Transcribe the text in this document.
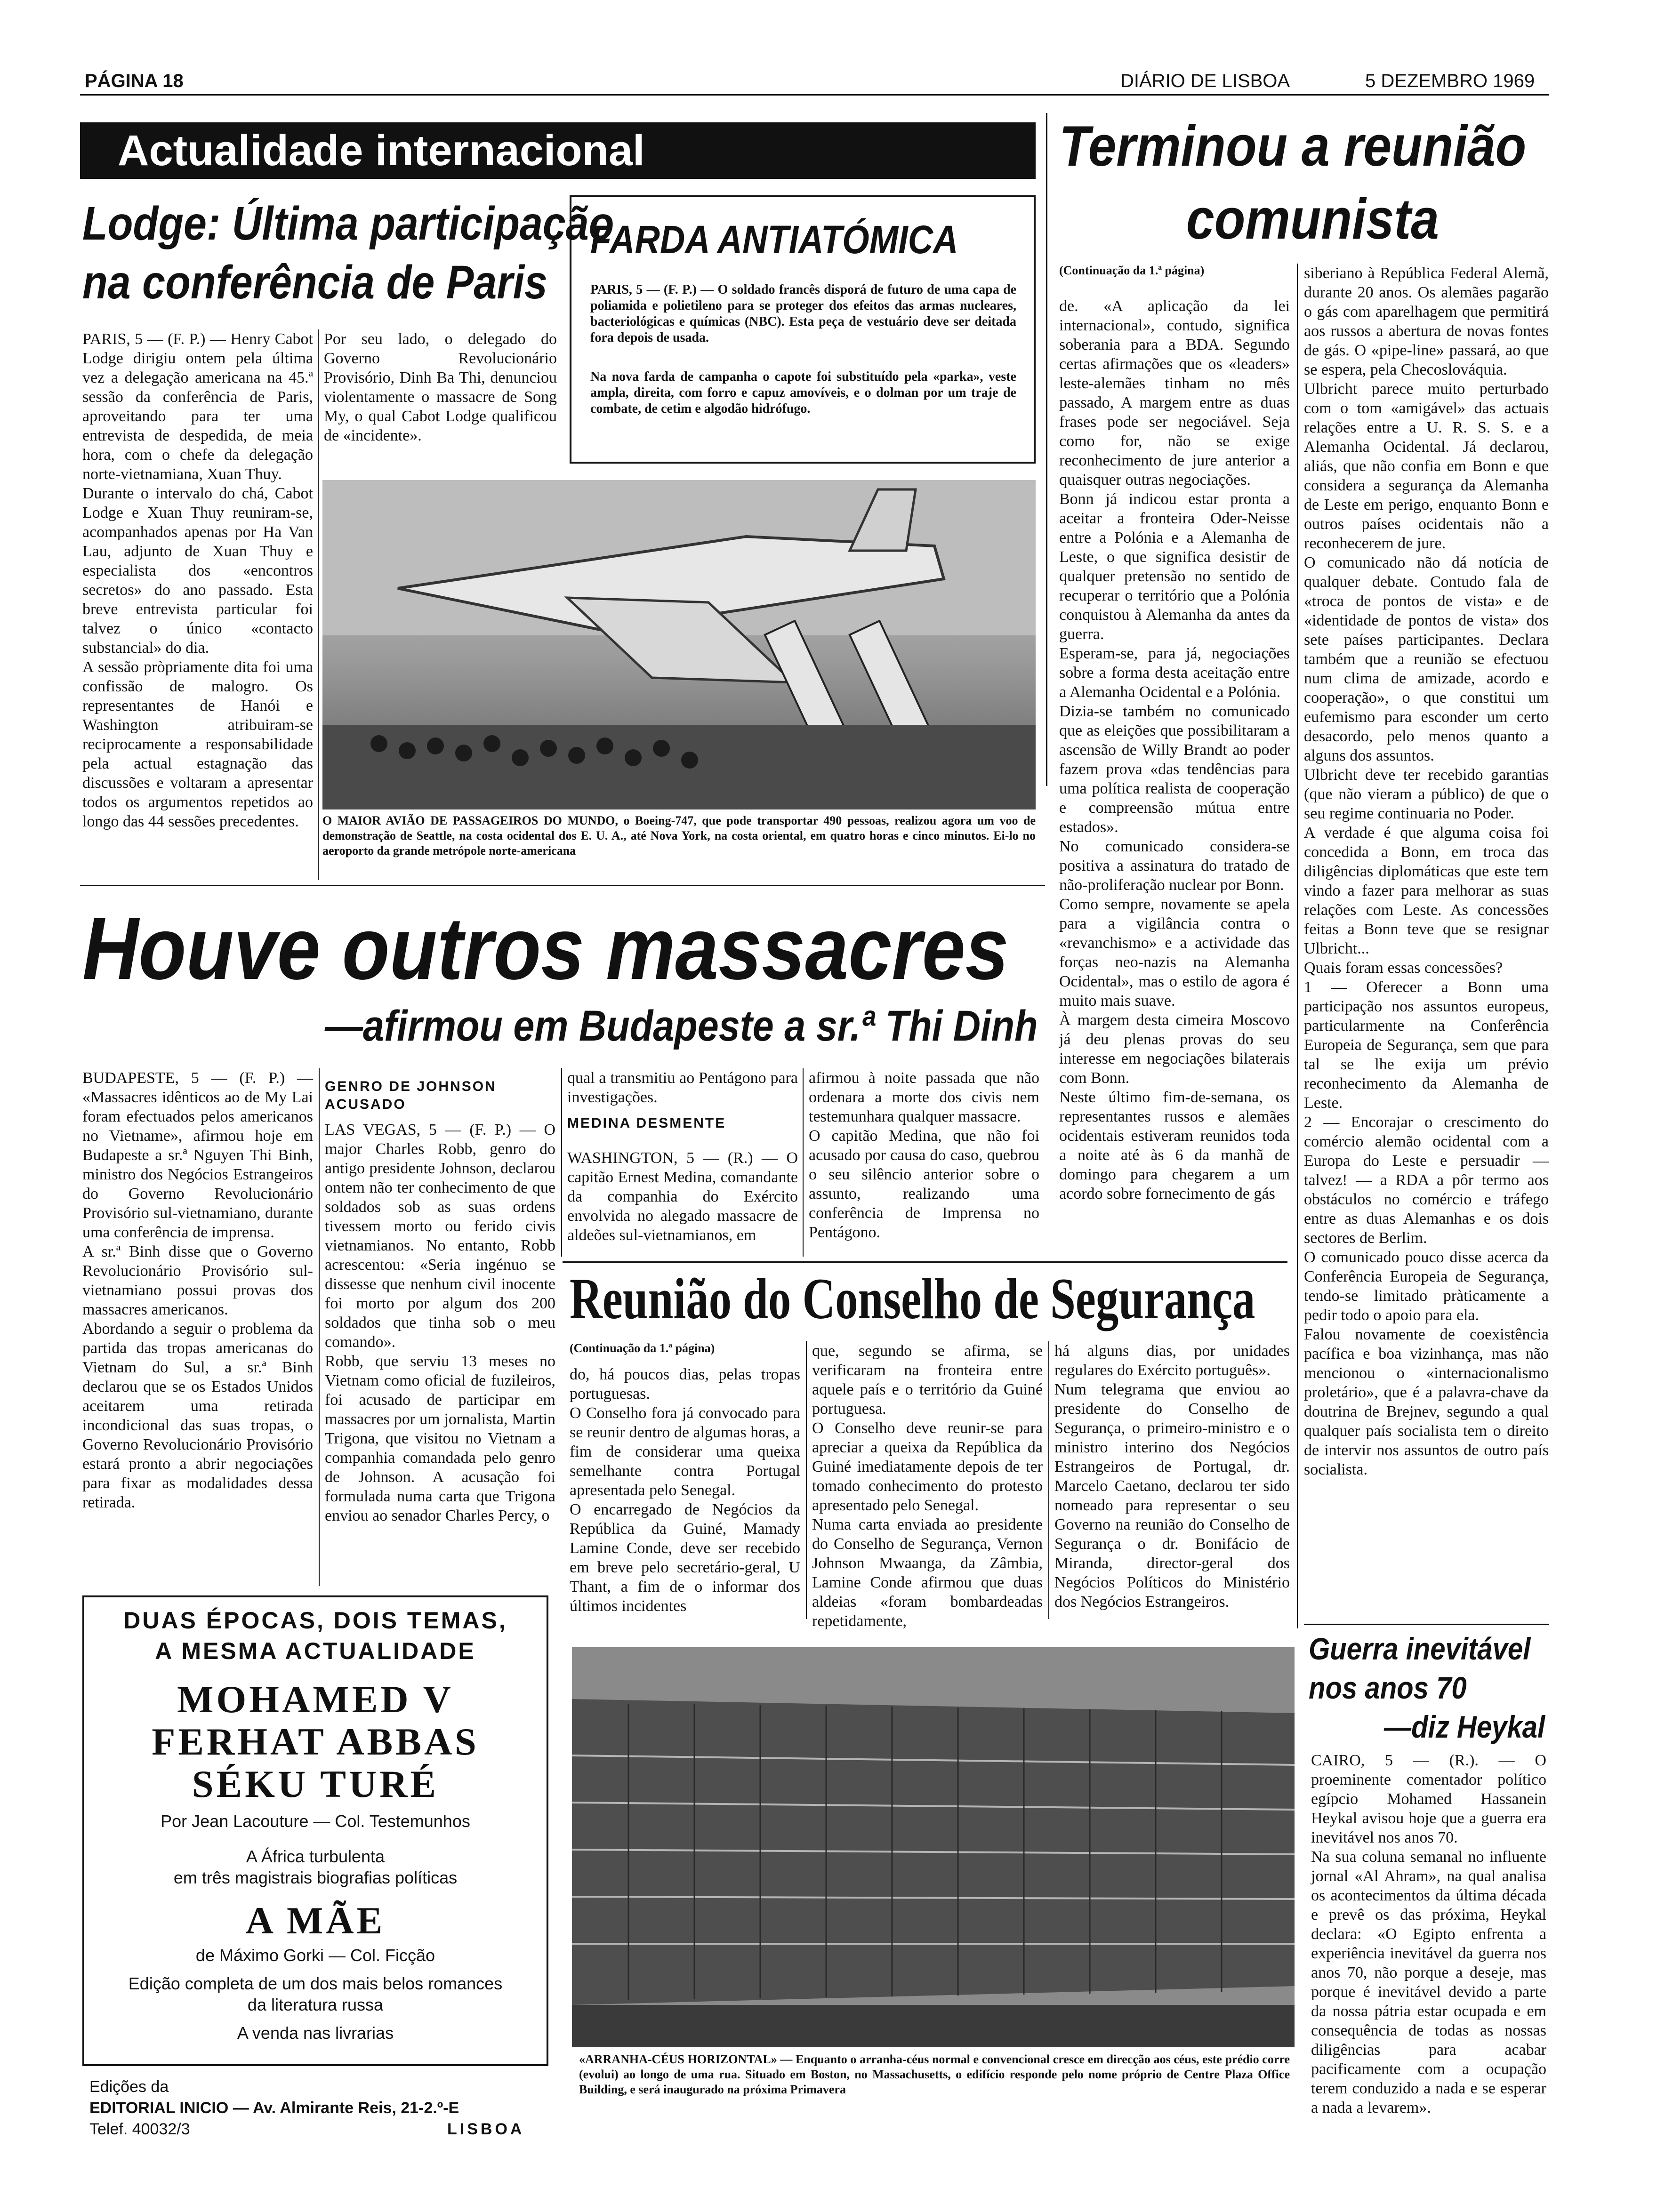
PÁGINA 18	DIÁRIO DE LISBOA	5 DEZEMBRO 1969
Actualidade internacional
Lodge: Última participação
na conferência de Paris
PARIS, 5 — (F. P.) — Henry Cabot Lodge dirigiu ontem pela última vez a delegação americana na 45.ª sessão da conferência de Paris, aproveitando para ter uma entrevista de despedida, de meia hora, com o chefe da delegação norte-vietnamiana, Xuan Thuy.
Durante o intervalo do chá, Cabot Lodge e Xuan Thuy reuniram-se, acompanhados apenas por Ha Van Lau, adjunto de Xuan Thuy e especialista dos «encontros secretos» do ano passado. Esta breve entrevista particular foi talvez o único «contacto substancial» do dia.
A sessão pròpriamente dita foi uma confissão de malogro. Os representantes de Hanói e Washington atribuiram-se reciprocamente a responsabilidade pela actual estagnação das discussões e voltaram a apresentar todos os argumentos repetidos ao longo das 44 sessões precedentes.
Por seu lado, o delegado do Governo Revolucionário Provisório, Dinh Ba Thi, denunciou violentamente o massacre de Song My, o qual Cabot Lodge qualificou de «incidente».
FARDA ANTIATÓMICA
PARIS, 5 — (F. P.) — O soldado francês disporá de futuro de uma capa de poliamida e polietileno para se proteger dos efeitos das armas nucleares, bacteriológicas e químicas (NBC). Esta peça de vestuário deve ser deitada fora depois de usada.
Na nova farda de campanha o capote foi substituído pela «parka», veste ampla, direita, com forro e capuz amovíveis, e o dolman por um traje de combate, de cetim e algodão hidrófugo.
O MAIOR AVIÃO DE PASSAGEIROS DO MUNDO, o Boeing-747, que pode transportar 490 pessoas, realizou agora um voo de demonstração de Seattle, na costa ocidental dos E. U. A., até Nova York, na costa oriental, em quatro horas e cinco minutos. Ei-lo no aeroporto da grande metrópole norte-americana
Terminou a reunião
comunista
(Continuação da 1.ª página)
de. «A aplicação da lei internacional», contudo, significa soberania para a BDA. Segundo certas afirmações que os «leaders» leste-alemães tinham no mês passado, A margem entre as duas frases pode ser negociável. Seja como for, não se exige reconhecimento de jure anterior a quaisquer outras negociações.
Bonn já indicou estar pronta a aceitar a fronteira Oder-Neisse entre a Polónia e a Alemanha de Leste, o que significa desistir de qualquer pretensão no sentido de recuperar o território que a Polónia conquistou à Alemanha da antes da guerra.
Esperam-se, para já, negociações sobre a forma desta aceitação entre a Alemanha Ocidental e a Polónia.
Dizia-se também no comunicado que as eleições que possibilitaram a ascensão de Willy Brandt ao poder fazem prova «das tendências para uma política realista de cooperação e compreensão mútua entre estados».
No comunicado considera-se positiva a assinatura do tratado de não-proliferação nuclear por Bonn.
Como sempre, novamente se apela para a vigilância contra o «revanchismo» e a actividade das forças neo-nazis na Alemanha Ocidental», mas o estilo de agora é muito mais suave.
À margem desta cimeira Moscovo já deu plenas provas do seu interesse em negociações bilaterais com Bonn.
Neste último fim-de-semana, os representantes russos e alemães ocidentais estiveram reunidos toda a noite até às 6 da manhã de domingo para chegarem a um acordo sobre fornecimento de gás
siberiano à República Federal Alemã, durante 20 anos. Os alemães pagarão o gás com aparelhagem que permitirá aos russos a abertura de novas fontes de gás. O «pipe-line» passará, ao que se espera, pela Checoslováquia.
Ulbricht parece muito perturbado com o tom «amigável» das actuais relações entre a U. R. S. S. e a Alemanha Ocidental. Já declarou, aliás, que não confia em Bonn e que considera a segurança da Alemanha de Leste em perigo, enquanto Bonn e outros países ocidentais não a reconhecerem de jure.
O comunicado não dá notícia de qualquer debate. Contudo fala de «troca de pontos de vista» e de «identidade de pontos de vista» dos sete países participantes. Declara também que a reunião se efectuou num clima de amizade, acordo e cooperação», o que constitui um eufemismo para esconder um certo desacordo, pelo menos quanto a alguns dos assuntos.
Ulbricht deve ter recebido garantias (que não vieram a público) de que o seu regime continuaria no Poder.
A verdade é que alguma coisa foi concedida a Bonn, em troca das diligências diplomáticas que este tem vindo a fazer para melhorar as suas relações com Leste. As concessões feitas a Bonn teve que se resignar Ulbricht...
Quais foram essas concessões?
1 — Oferecer a Bonn uma participação nos assuntos europeus, particularmente na Conferência Europeia de Segurança, sem que para tal se lhe exija um prévio reconhecimento da Alemanha de Leste.
2 — Encorajar o crescimento do comércio alemão ocidental com a Europa do Leste e persuadir — talvez! — a RDA a pôr termo aos obstáculos no comércio e tráfego entre as duas Alemanhas e os dois sectores de Berlim.
O comunicado pouco disse acerca da Conferência Europeia de Segurança, tendo-se limitado pràticamente a pedir todo o apoio para ela.
Falou novamente de coexistência pacífica e boa vizinhança, mas não mencionou o «internacionalismo proletário», que é a palavra-chave da doutrina de Brejnev, segundo a qual qualquer país socialista tem o direito de intervir nos assuntos de outro país socialista.
Houve outros massacres
—afirmou em Budapeste a sr.ª Thi Dinh
BUDAPESTE, 5 — (F. P.) — «Massacres idênticos ao de My Lai foram efectuados pelos americanos no Vietname», afirmou hoje em Budapeste a sr.ª Nguyen Thi Binh, ministro dos Negócios Estrangeiros do Governo Revolucionário Provisório sul-vietnamiano, durante uma conferência de imprensa.
A sr.ª Binh disse que o Governo Revolucionário Provisório sul-vietnamiano possui provas dos massacres americanos.
Abordando a seguir o problema da partida das tropas americanas do Vietnam do Sul, a sr.ª Binh declarou que se os Estados Unidos aceitarem uma retirada incondicional das suas tropas, o Governo Revolucionário Provisório estará pronto a abrir negociações para fixar as modalidades dessa retirada.
GENRO DE JOHNSON ACUSADO
LAS VEGAS, 5 — (F. P.) — O major Charles Robb, genro do antigo presidente Johnson, declarou ontem não ter conhecimento de que soldados sob as suas ordens tivessem morto ou ferido civis vietnamianos. No entanto, Robb acrescentou: «Seria ingénuo se dissesse que nenhum civil inocente foi morto por algum dos 200 soldados que tinha sob o meu comando».
Robb, que serviu 13 meses no Vietnam como oficial de fuzileiros, foi acusado de participar em massacres por um jornalista, Martin Trigona, que visitou no Vietnam a companhia comandada pelo genro de Johnson. A acusação foi formulada numa carta que Trigona enviou ao senador Charles Percy, o
qual a transmitiu ao Pentágono para investigações.
MEDINA DESMENTE
WASHINGTON, 5 — (R.) — O capitão Ernest Medina, comandante da companhia do Exército envolvida no alegado massacre de aldeões sul-vietnamianos, em
afirmou à noite passada que não ordenara a morte dos civis nem testemunhara qualquer massacre.
O capitão Medina, que não foi acusado por causa do caso, quebrou o seu silêncio anterior sobre o assunto, realizando uma conferência de Imprensa no Pentágono.
Reunião do Conselho de Segurança
(Continuação da 1.ª página)
do, há poucos dias, pelas tropas portuguesas.
O Conselho fora já convocado para se reunir dentro de algumas horas, a fim de considerar uma queixa semelhante contra Portugal apresentada pelo Senegal.
O encarregado de Negócios da República da Guiné, Mamady Lamine Conde, deve ser recebido em breve pelo secretário-geral, U Thant, a fim de o informar dos últimos incidentes
que, segundo se afirma, se verificaram na fronteira entre aquele país e o território da Guiné portuguesa.
O Conselho deve reunir-se para apreciar a queixa da República da Guiné imediatamente depois de ter tomado conhecimento do protesto apresentado pelo Senegal.
Numa carta enviada ao presidente do Conselho de Segurança, Vernon Johnson Mwaanga, da Zâmbia, Lamine Conde afirmou que duas aldeias «foram bombardeadas repetidamente,
há alguns dias, por unidades regulares do Exército português».
Num telegrama que enviou ao presidente do Conselho de Segurança, o primeiro-ministro e o ministro interino dos Negócios Estrangeiros de Portugal, dr. Marcelo Caetano, declarou ter sido nomeado para representar o seu Governo na reunião do Conselho de Segurança o dr. Bonifácio de Miranda, director-geral dos Negócios Políticos do Ministério dos Negócios Estrangeiros.
DUAS ÉPOCAS, DOIS TEMAS,
A MESMA ACTUALIDADE
MOHAMED V
FERHAT ABBAS
SÉKU TURÉ
Por Jean Lacouture — Col. Testemunhos
A África turbulenta
em três magistrais biografias políticas
A MÃE
de Máximo Gorki — Col. Ficção
Edição completa de um dos mais belos romances
da literatura russa
A venda nas livrarias
Edições da
EDITORIAL INICIO — Av. Almirante Reis, 21-2.º-E
Telef. 40032/3	LISBOA
«ARRANHA-CÉUS HORIZONTAL» — Enquanto o arranha-céus normal e convencional cresce em direcção aos céus, este prédio corre (evolui) ao longo de uma rua. Situado em Boston, no Massachusetts, o edifício responde pelo nome próprio de Centre Plaza Office Building, e será inaugurado na próxima Primavera
Guerra inevitável
nos anos 70
—diz Heykal
CAIRO, 5 — (R.). — O proeminente comentador político egípcio Mohamed Hassanein Heykal avisou hoje que a guerra era inevitável nos anos 70.
Na sua coluna semanal no influente jornal «Al Ahram», na qual analisa os acontecimentos da última década e prevê os das próxima, Heykal declara: «O Egipto enfrenta a experiência inevitável da guerra nos anos 70, não porque a deseje, mas porque é inevitável devido a parte da nossa pátria estar ocupada e em consequência de todas as nossas diligências para acabar pacificamente com a ocupação terem conduzido a nada e se esperar a nada a levarem».
